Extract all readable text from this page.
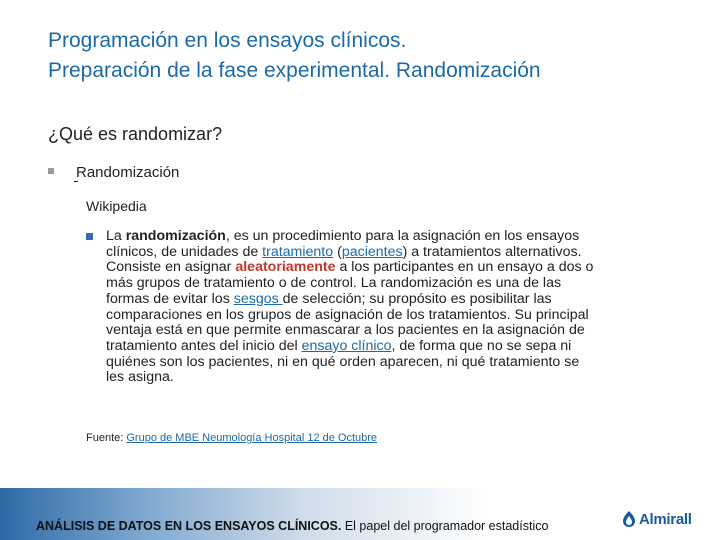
Programación en los ensayos clínicos.
Preparación de la fase experimental. Randomización
¿Qué es randomizar?
Randomización
Wikipedia
La randomización, es un procedimiento para la asignación en los ensayos
clínicos, de unidades de tratamiento (pacientes) a tratamientos alternativos.
Consiste en asignar aleatoriamente a los participantes en un ensayo a dos o
más grupos de tratamiento o de control. La randomización es una de las
formas de evitar los sesgos de selección; su propósito es posibilitar las
comparaciones en los grupos de asignación de los tratamientos. Su principal
ventaja está en que permite enmascarar a los pacientes en la asignación de
tratamiento antes del inicio del ensayo clínico, de forma que no se sepa ni
quiénes son los pacientes, ni en qué orden aparecen, ni qué tratamiento se
les asigna.
Fuente: Grupo de MBE Neumología Hospital 12 de Octubre
ANÁLISIS DE DATOS EN LOS ENSAYOS CLÍNICOS. El papel del programador estadístico	Almirall
